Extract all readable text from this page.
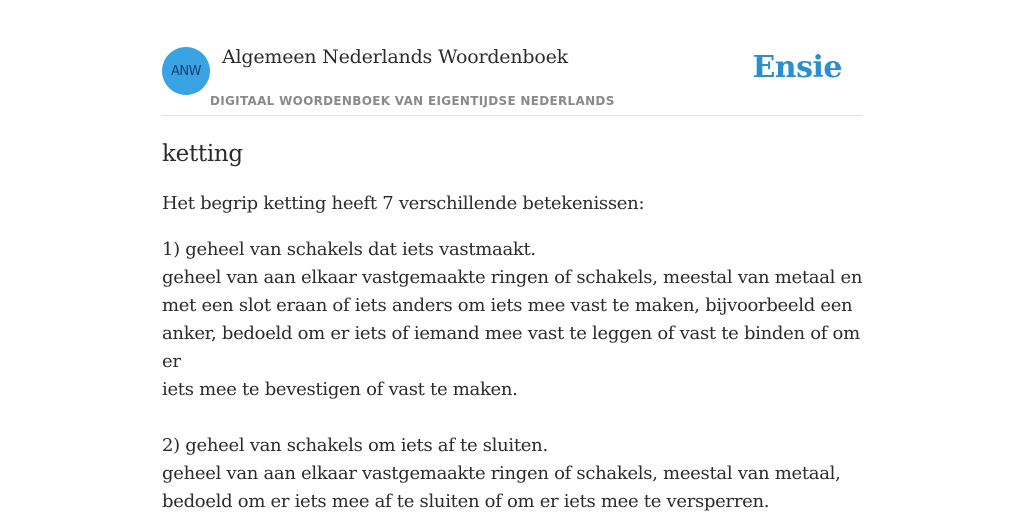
ANW
Algemeen Nederlands Woordenboek
DIGITAAL WOORDENBOEK VAN EIGENTIJDSE NEDERLANDS
Ensie
ketting

Het begrip ketting heeft 7 verschillende betekenissen:

1) geheel van schakels dat iets vastmaakt.
geheel van aan elkaar vastgemaakte ringen of schakels, meestal van metaal en
met een slot eraan of iets anders om iets mee vast te maken, bijvoorbeeld een
anker, bedoeld om er iets of iemand mee vast te leggen of vast te binden of om er
iets mee te bevestigen of vast te maken.
2) geheel van schakels om iets af te sluiten.
geheel van aan elkaar vastgemaakte ringen of schakels, meestal van metaal,
bedoeld om er iets mee af te sluiten of om er iets mee te versperren.
